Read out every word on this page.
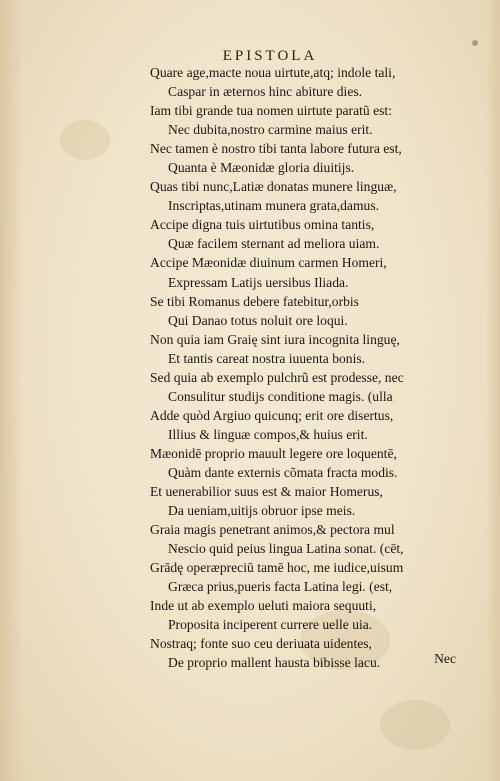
EPISTOLA
Quare age,macte noua uirtute,atq; indole tali,
Caspar in æternos hinc abiture dies.
Iam tibi grande tua nomen uirtute paratũ est:
Nec dubita,nostro carmine maius erit.
Nec tamen è nostro tibi tanta labore futura est,
Quanta è Mæonidæ gloria diuitijs.
Quas tibi nunc,Latiæ donatas munere linguæ,
Inscriptas,utinam munera grata,damus.
Accipe digna tuis uirtutibus omina tantis,
Quæ facilem sternant ad meliora uiam.
Accipe Mæonidæ diuinum carmen Homeri,
Expressam Latijs uersibus Iliada.
Se tibi Romanus debere fatebitur,orbis
Qui Danao totus noluit ore loqui.
Non quia iam Graię sint iura incognita linguę,
Et tantis careat nostra iuuenta bonis.
Sed quia ab exemplo pulchrũ est prodesse, nec
Consulitur studijs conditione magis. (ulla
Adde quòd Argiuo quicunq; erit ore disertus,
Illius & linguæ compos,& huius erit.
Mæonidē proprio mauult legere ore loquentē,
Quàm dante externis cõmata fracta modis.
Et uenerabilior suus est & maior Homerus,
Da ueniam,uitijs obruor ipse meis.
Graia magis penetrant animos,& pectora mul
Nescio quid peius lingua Latina sonat. (cēt,
Grādę operæpreciū tamē hoc, me iudice,uisum
Græca prius,pueris facta Latina legi. (est,
Inde ut ab exemplo ueluti maiora sequuti,
Proposita inciperent currere uelle uia.
Nostraq; fonte suo ceu deriuata uidentes,
De proprio mallent hausta bibisse lacu.	Nec
